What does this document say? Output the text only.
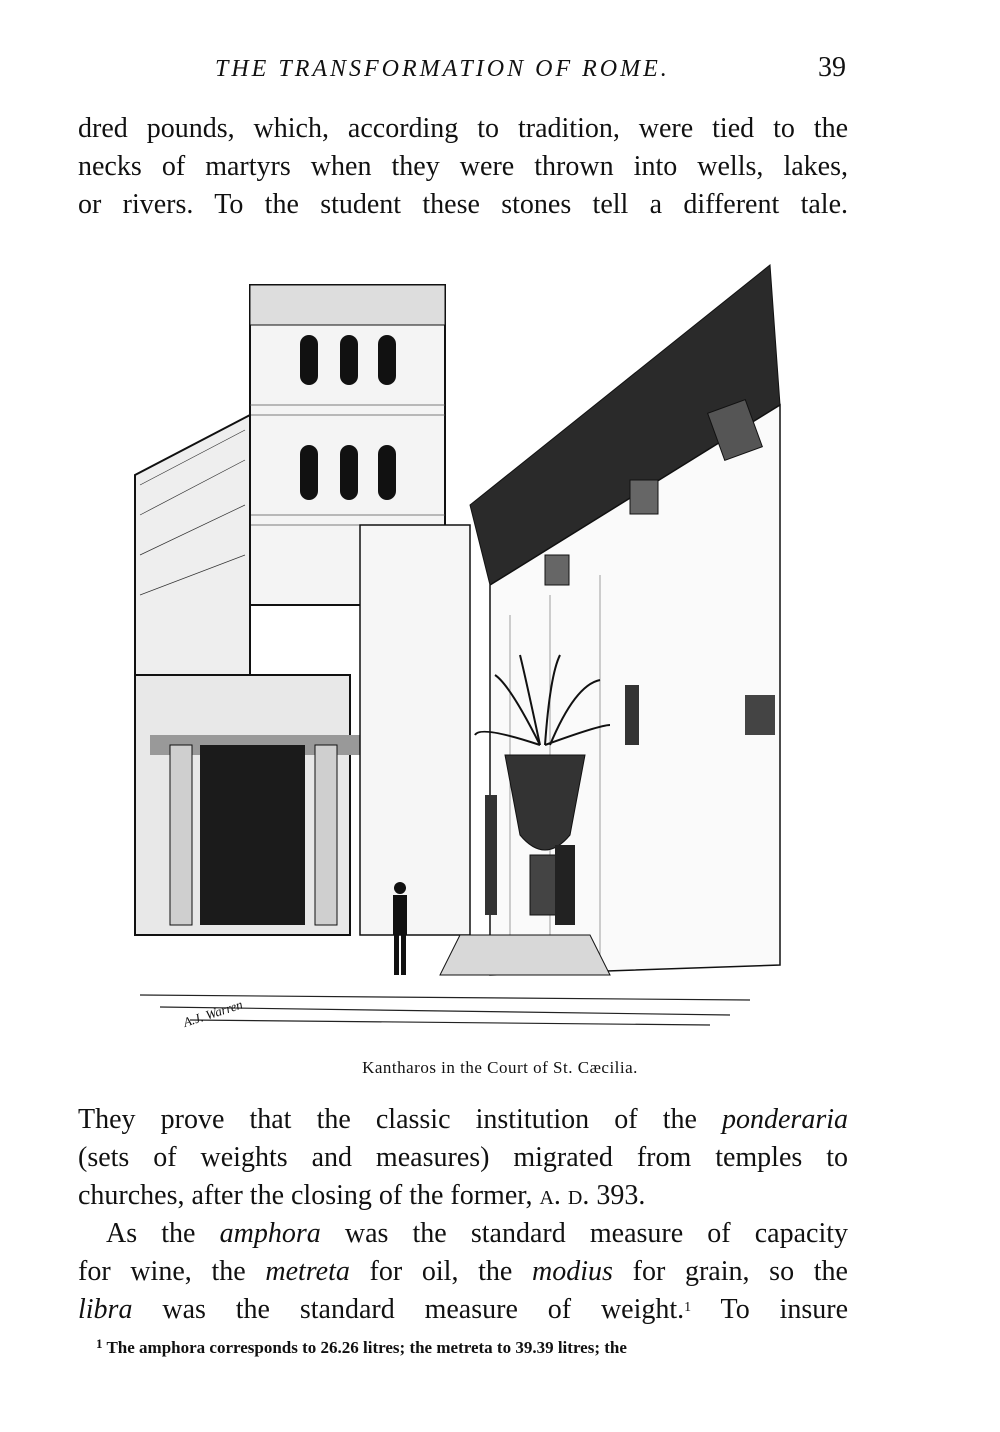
THE TRANSFORMATION OF ROME.	39
dred pounds, which, according to tradition, were tied to the
necks of martyrs when they were thrown into wells, lakes,
or rivers. To the student these stones tell a different tale.
A.J. Warren
Kantharos in the Court of St. Cæcilia.
They prove that the classic institution of the ponderaria
(sets of weights and measures) migrated from temples to
churches, after the closing of the former, a. d. 393.
As the amphora was the standard measure of capacity
for wine, the metreta for oil, the modius for grain, so the
libra was the standard measure of weight.$^1$ To insure
$^1$ The amphora corresponds to 26.26 litres; the metreta to 39.39 litres; the
